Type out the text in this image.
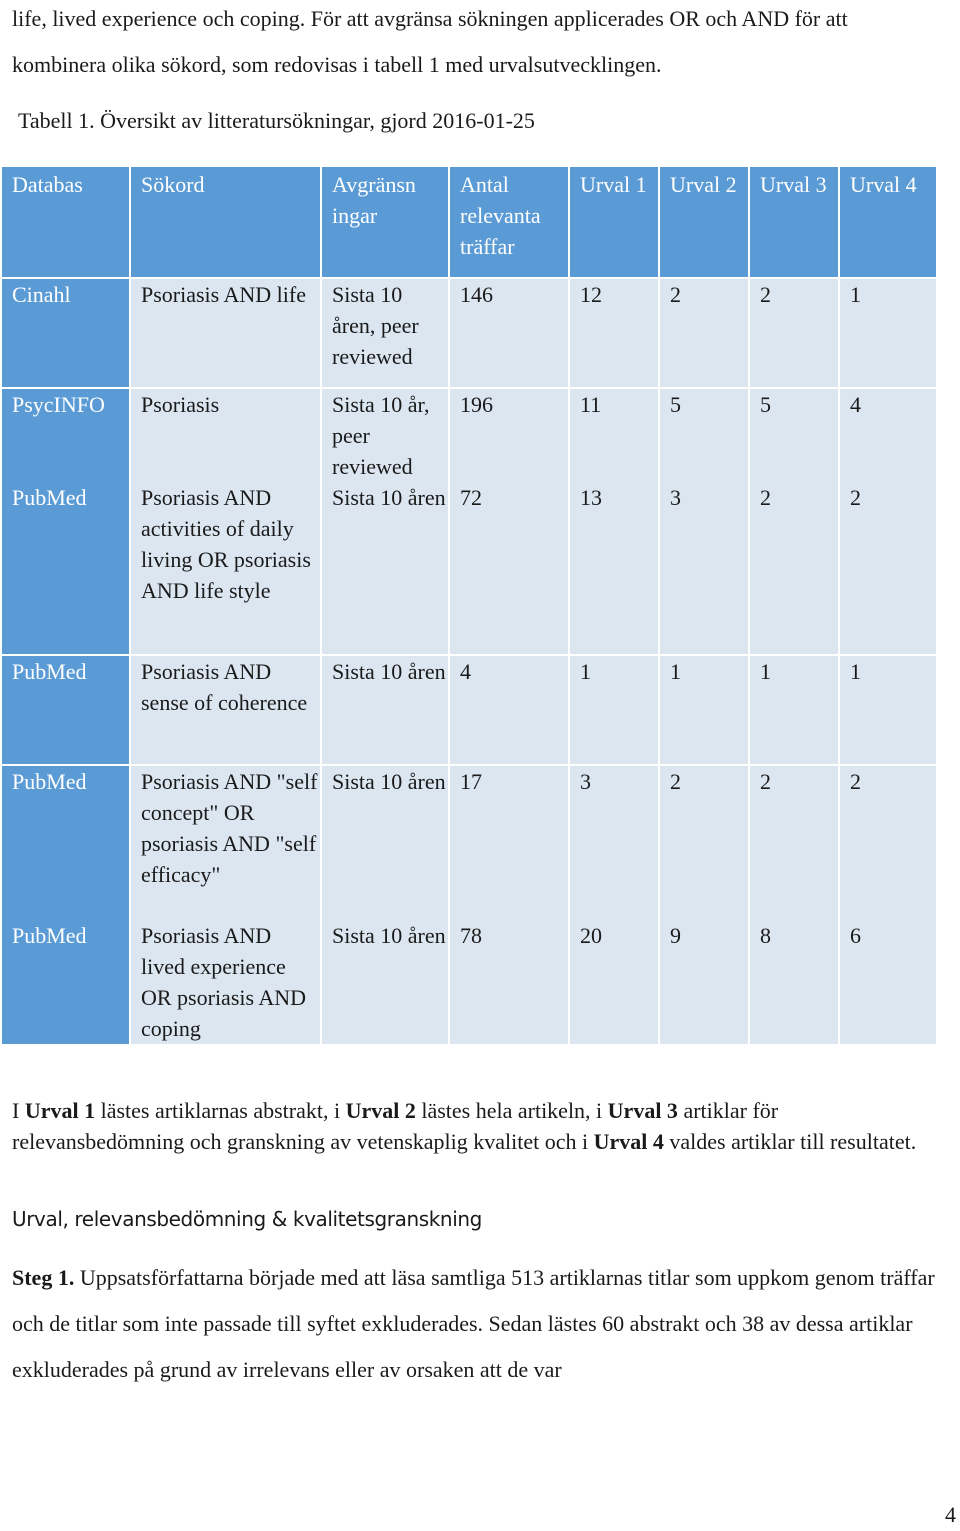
life, lived experience och coping. För att avgränsa sökningen applicerades OR och AND för att kombinera olika sökord, som redovisas i tabell 1 med urvalsutvecklingen.

Tabell 1. Översikt av litteratursökningar, gjord 2016-01-25

Databas	Sökord	Avgränsn ingar	Antal relevanta träffar	Urval 1	Urval 2	Urval 3	Urval 4
Cinahl	Psoriasis AND life	Sista 10 åren, peer reviewed	146	12	2	2	1
PsycINFO	Psoriasis	Sista 10 år, peer reviewed	196	11	5	5	4
PubMed	Psoriasis AND activities of daily living OR psoriasis AND life style	Sista 10 åren	72	13	3	2	2
PubMed	Psoriasis AND sense of coherence	Sista 10 åren	4	1	1	1	1
PubMed	Psoriasis AND "self concept" OR psoriasis AND "self efficacy"	Sista 10 åren	17	3	2	2	2
PubMed	Psoriasis AND lived experience OR psoriasis AND coping	Sista 10 åren	78	20	9	8	6

I Urval 1 lästes artiklarnas abstrakt, i Urval 2 lästes hela artikeln, i Urval 3 artiklar för relevansbedömning och granskning av vetenskaplig kvalitet och i Urval 4 valdes artiklar till resultatet.

Urval, relevansbedömning & kvalitetsgranskning

Steg 1. Uppsatsförfattarna började med att läsa samtliga 513 artiklarnas titlar som uppkom genom träffar och de titlar som inte passade till syftet exkluderades. Sedan lästes 60 abstrakt och 38 av dessa artiklar exkluderades på grund av irrelevans eller av orsaken att de var

4
